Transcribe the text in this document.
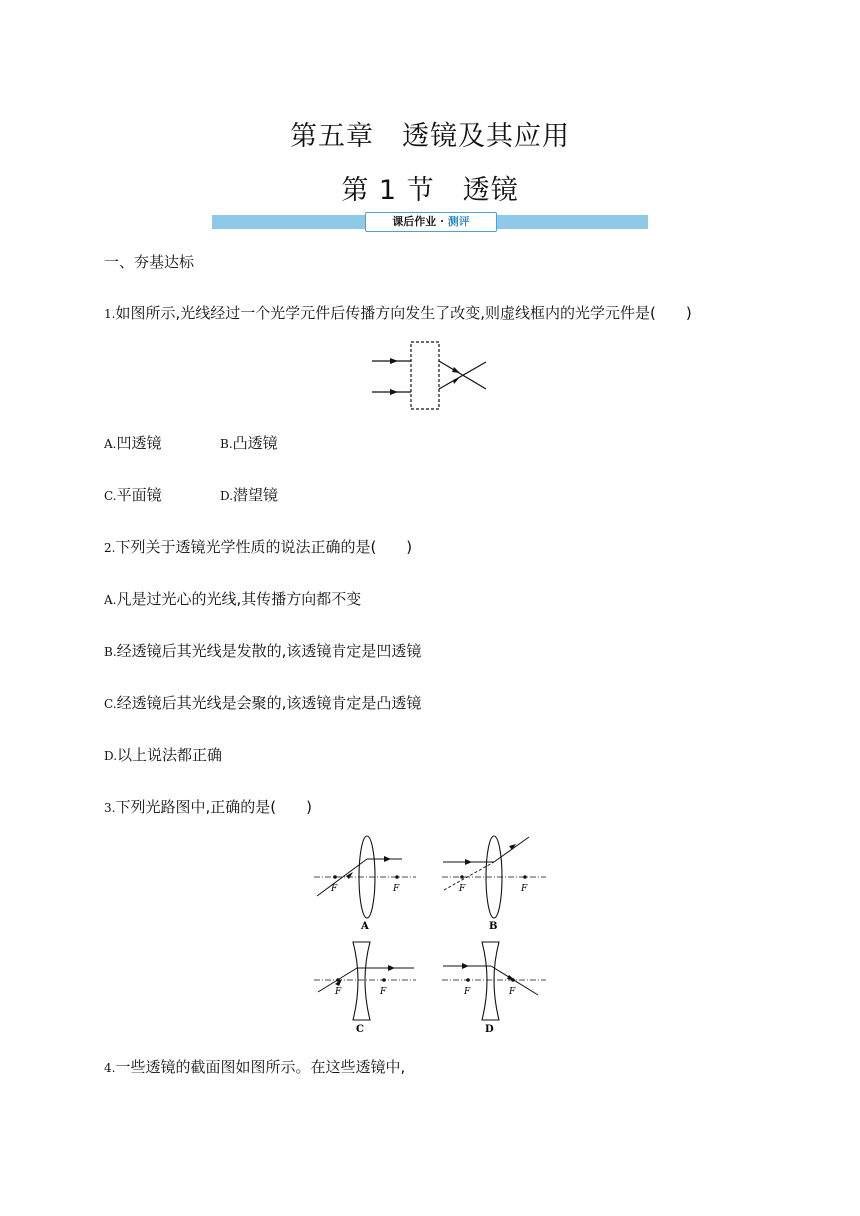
第五章　透镜及其应用
第 1 节　透镜
课后作业 · 测评
一、夯基达标
1.如图所示,光线经过一个光学元件后传播方向发生了改变,则虚线框内的光学元件是(　　)
A.凹透镜	B.凸透镜
C.平面镜	D.潜望镜
2.下列关于透镜光学性质的说法正确的是(　　)
A.凡是过光心的光线,其传播方向都不变
B.经透镜后其光线是发散的,该透镜肯定是凹透镜
C.经透镜后其光线是会聚的,该透镜肯定是凸透镜
D.以上说法都正确
3.下列光路图中,正确的是(　　)
F	F
A
F	F
B
F	F
C
F	F
D
4.一些透镜的截面图如图所示。在这些透镜中,
